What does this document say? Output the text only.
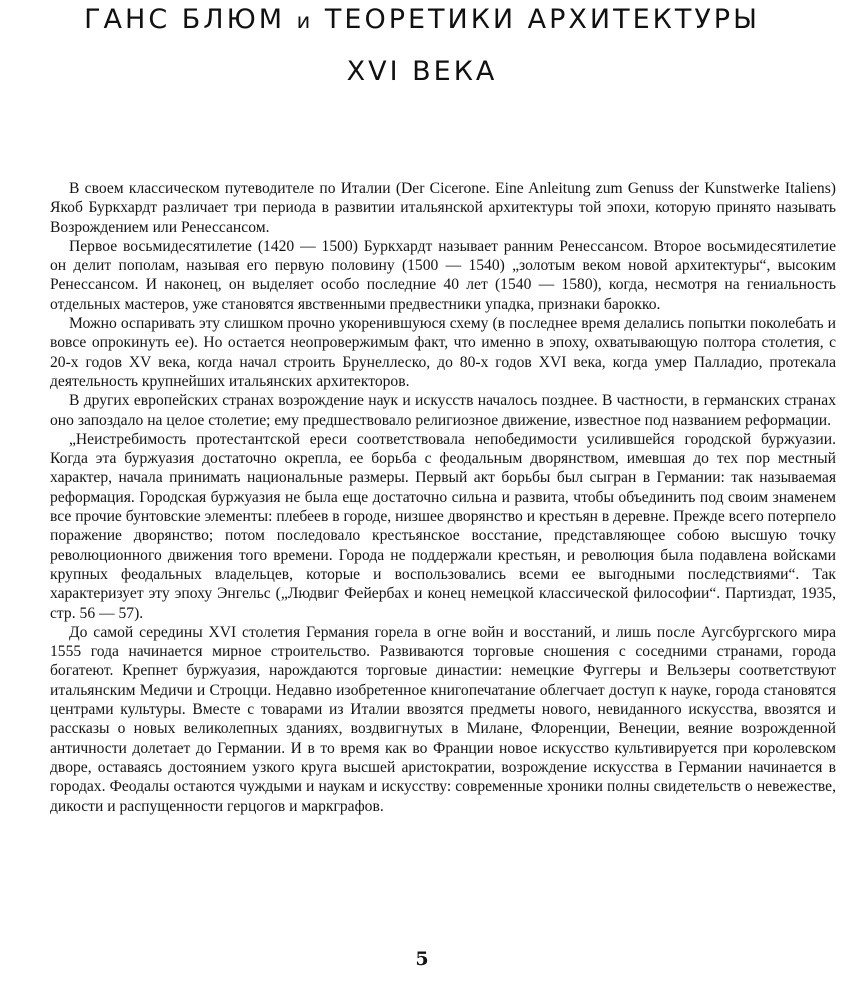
ГАНС БЛЮМ и ТЕОРЕТИКИ АРХИТЕКТУРЫ
XVI ВЕКА

В своем классическом путеводителе по Италии (Der Cicerone. Eine Anleitung zum Genuss der Kunstwerke Italiens) Якоб Буркхардт различает три периода в развитии итальянской архитектуры той эпохи, которую принято называть Возрождением или Ренессансом.

Первое восьмидесятилетие (1420 — 1500) Буркхардт называет ранним Ренессансом. Второе восьмидесятилетие он делит пополам, называя его первую половину (1500 — 1540) „золотым веком новой архитектуры“, высоким Ренессансом. И наконец, он выделяет особо последние 40 лет (1540 — 1580), когда, несмотря на гениальность отдельных мастеров, уже становятся явственными предвестники упадка, признаки барокко.

Можно оспаривать эту слишком прочно укоренившуюся схему (в последнее время делались попытки поколебать и вовсе опрокинуть ее). Но остается неопровержимым факт, что именно в эпоху, охватывающую полтора столетия, с 20-х годов XV века, когда начал строить Брунеллеско, до 80-х годов XVI века, когда умер Палладио, протекала деятельность крупнейших итальянских архитекторов.

В других европейских странах возрождение наук и искусств началось позднее. В частности, в германских странах оно запоздало на целое столетие; ему предшествовало религиозное движение, известное под названием реформации.

„Неистребимость протестантской ереси соответствовала непобедимости усилившейся городской буржуазии. Когда эта буржуазия достаточно окрепла, ее борьба с феодальным дворянством, имевшая до тех пор местный характер, начала принимать национальные размеры. Первый акт борьбы был сыгран в Германии: так называемая реформация. Городская буржуазия не была еще достаточно сильна и развита, чтобы объединить под своим знаменем все прочие бунтовские элементы: плебеев в городе, низшее дворянство и крестьян в деревне. Прежде всего потерпело поражение дворянство; потом последовало крестьянское восстание, представляющее собою высшую точку революционного движения того времени. Города не поддержали крестьян, и революция была подавлена войсками крупных феодальных владельцев, которые и воспользовались всеми ее выгодными последствиями“. Так характеризует эту эпоху Энгельс („Людвиг Фейербах и конец немецкой классической философии“. Партиздат, 1935, стр. 56 — 57).

До самой середины XVI столетия Германия горела в огне войн и восстаний, и лишь после Аугсбургского мира 1555 года начинается мирное строительство. Развиваются торговые сношения с соседними странами, города богатеют. Крепнет буржуазия, нарождаются торговые династии: немецкие Фуггеры и Вельзеры соответствуют итальянским Медичи и Строцци. Недавно изобретенное книгопечатание облегчает доступ к науке, города становятся центрами культуры. Вместе с товарами из Италии ввозятся предметы нового, невиданного искусства, ввозятся и рассказы о новых великолепных зданиях, воздвигнутых в Милане, Флоренции, Венеции, веяние возрожденной античности долетает до Германии. И в то время как во Франции новое искусство культивируется при королевском дворе, оставаясь достоянием узкого круга высшей аристократии, возрождение искусства в Германии начинается в городах. Феодалы остаются чуждыми и наукам и искусству: современные хроники полны свидетельств о невежестве, дикости и распущенности герцогов и маркграфов.

5
